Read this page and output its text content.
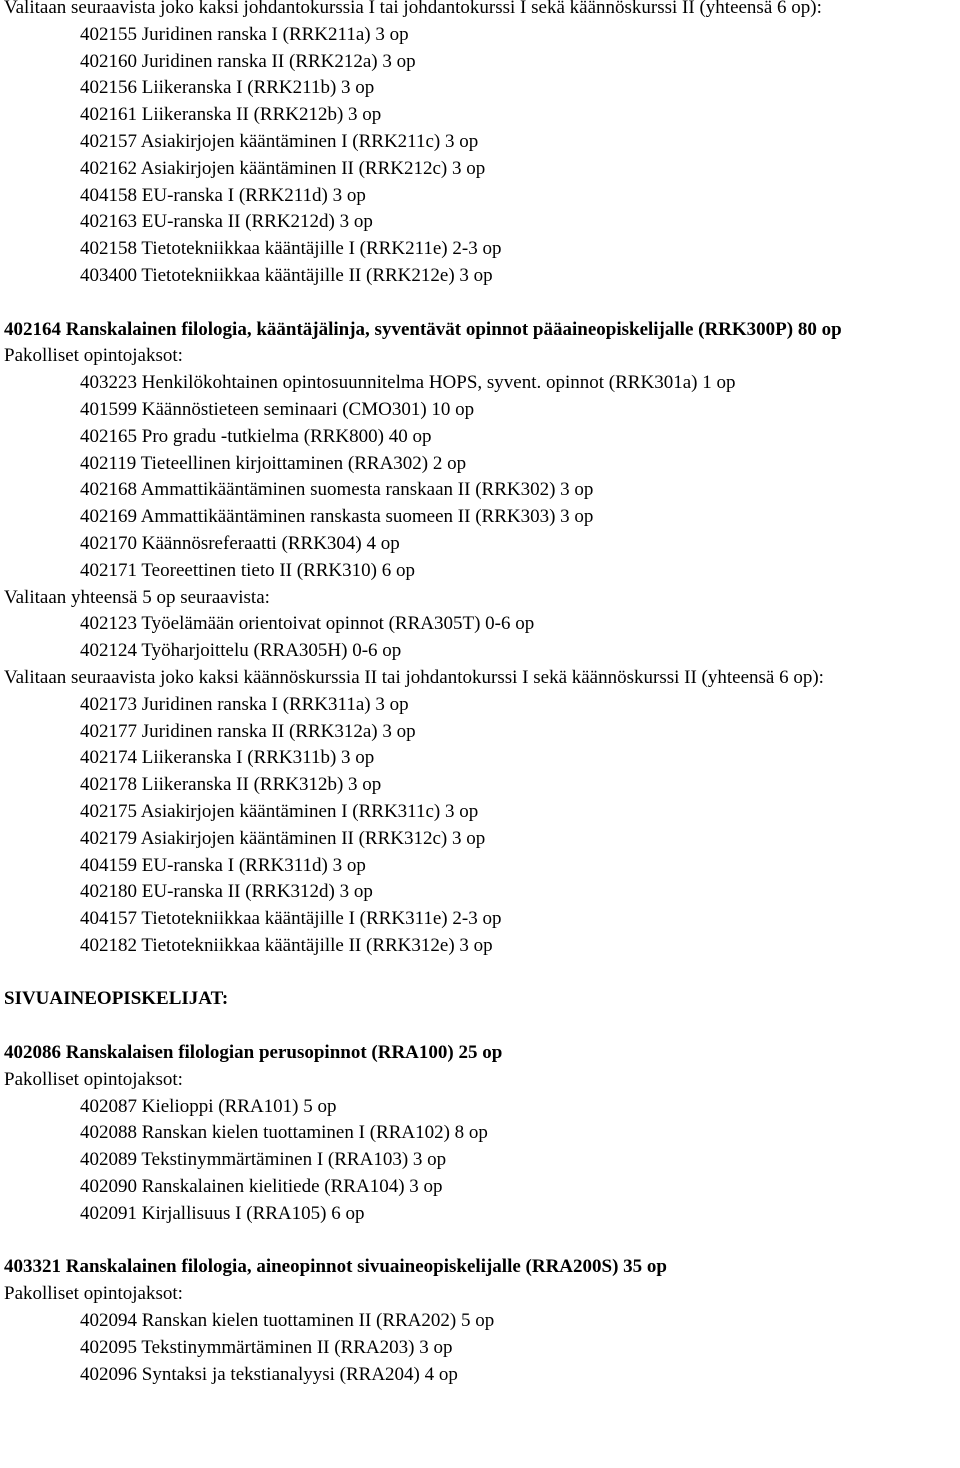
Valitaan seuraavista joko kaksi johdantokurssia I tai johdantokurssi I sekä käännöskurssi II (yhteensä 6 op):
402155 Juridinen ranska I (RRK211a) 3 op
402160 Juridinen ranska II (RRK212a) 3 op
402156 Liikeranska I (RRK211b) 3 op
402161 Liikeranska II (RRK212b) 3 op
402157 Asiakirjojen kääntäminen I (RRK211c) 3 op
402162 Asiakirjojen kääntäminen II (RRK212c) 3 op
404158 EU-ranska I (RRK211d) 3 op
402163 EU-ranska II (RRK212d) 3 op
402158 Tietotekniikkaa kääntäjille I (RRK211e) 2-3 op
403400 Tietotekniikkaa kääntäjille II (RRK212e) 3 op
402164 Ranskalainen filologia, kääntäjälinja, syventävät opinnot pääaineopiskelijalle (RRK300P) 80 op
Pakolliset opintojaksot:
403223 Henkilökohtainen opintosuunnitelma HOPS, syvent. opinnot (RRK301a) 1 op
401599 Käännöstieteen seminaari (CMO301) 10 op
402165 Pro gradu -tutkielma (RRK800) 40 op
402119 Tieteellinen kirjoittaminen (RRA302) 2 op
402168 Ammattikääntäminen suomesta ranskaan II (RRK302) 3 op
402169 Ammattikääntäminen ranskasta suomeen II (RRK303) 3 op
402170 Käännösreferaatti (RRK304) 4 op
402171 Teoreettinen tieto II (RRK310) 6 op
Valitaan yhteensä 5 op seuraavista:
402123 Työelämään orientoivat opinnot (RRA305T) 0-6 op
402124 Työharjoittelu (RRA305H) 0-6 op
Valitaan seuraavista joko kaksi käännöskurssia II tai johdantokurssi I sekä käännöskurssi II (yhteensä 6 op):
402173 Juridinen ranska I (RRK311a) 3 op
402177 Juridinen ranska II (RRK312a) 3 op
402174 Liikeranska I (RRK311b) 3 op
402178 Liikeranska II (RRK312b) 3 op
402175 Asiakirjojen kääntäminen I (RRK311c) 3 op
402179 Asiakirjojen kääntäminen II (RRK312c) 3 op
404159 EU-ranska I (RRK311d) 3 op
402180 EU-ranska II (RRK312d) 3 op
404157 Tietotekniikkaa kääntäjille I (RRK311e) 2-3 op
402182 Tietotekniikkaa kääntäjille II (RRK312e) 3 op
SIVUAINEOPISKELIJAT:
402086 Ranskalaisen filologian perusopinnot (RRA100) 25 op
Pakolliset opintojaksot:
402087 Kielioppi (RRA101) 5 op
402088 Ranskan kielen tuottaminen I (RRA102) 8 op
402089 Tekstinymmärtäminen I (RRA103) 3 op
402090 Ranskalainen kielitiede (RRA104) 3 op
402091 Kirjallisuus I (RRA105) 6 op
403321 Ranskalainen filologia, aineopinnot sivuaineopiskelijalle (RRA200S) 35 op
Pakolliset opintojaksot:
402094 Ranskan kielen tuottaminen II (RRA202) 5 op
402095 Tekstinymmärtäminen II (RRA203) 3 op
402096 Syntaksi ja tekstianalyysi (RRA204) 4 op
